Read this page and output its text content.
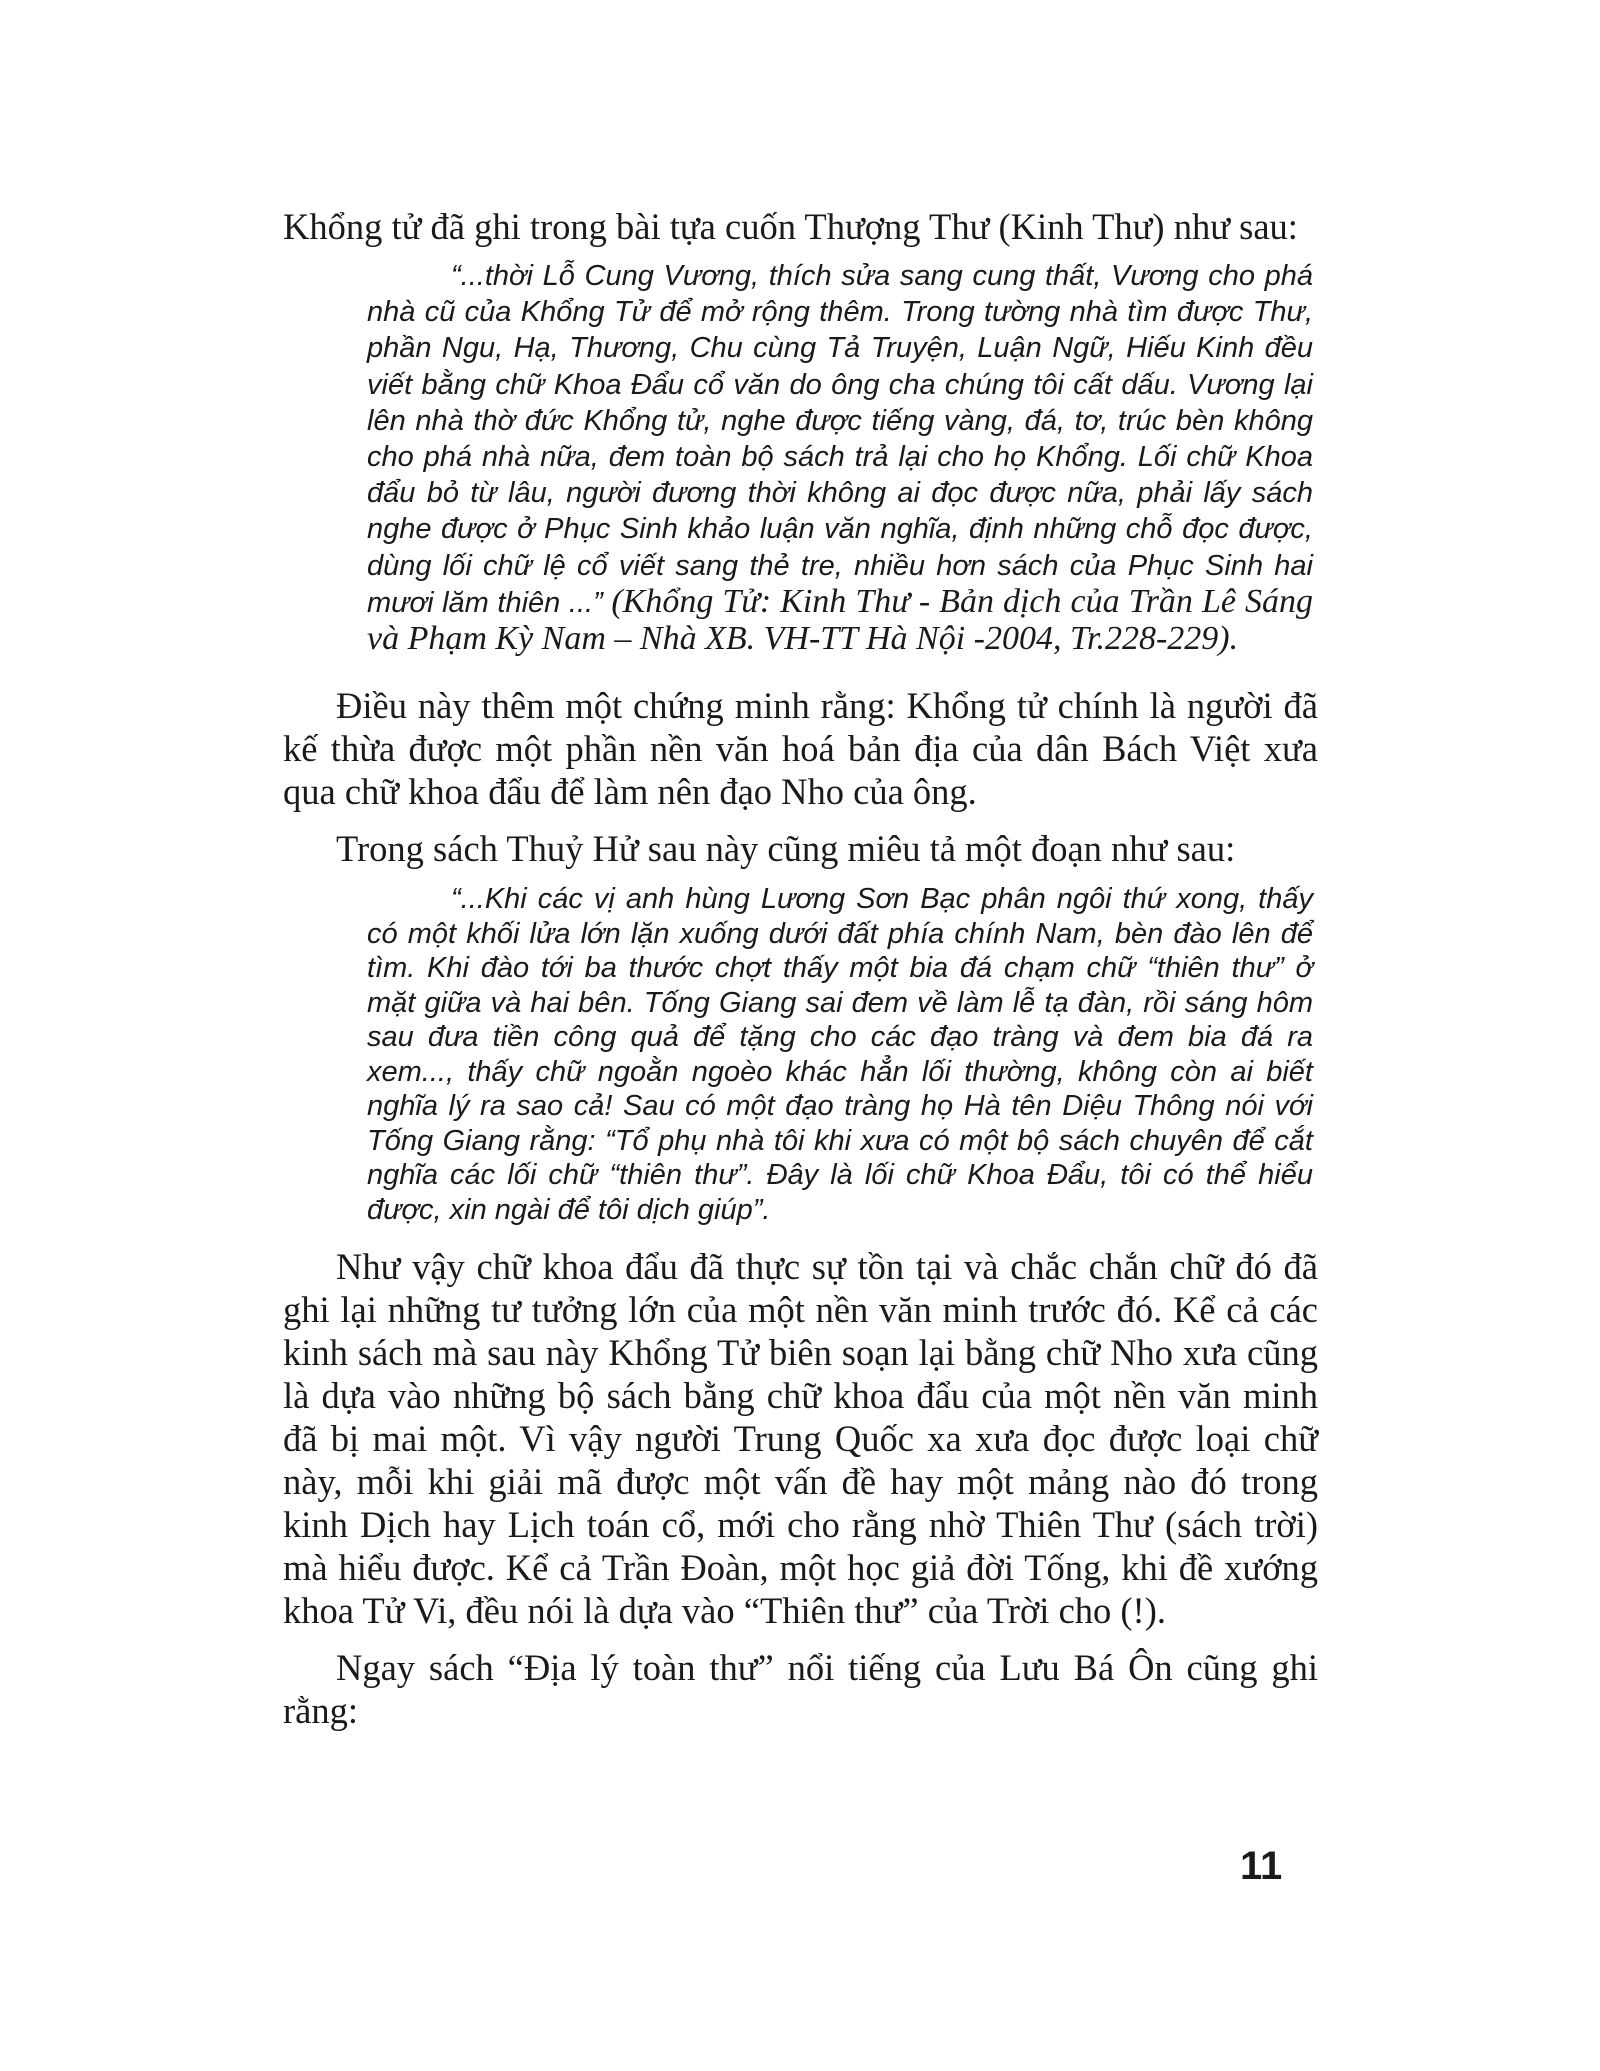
Khổng tử đã ghi trong bài tựa cuốn Thượng Thư (Kinh Thư) như sau:

“...thời Lỗ Cung Vương, thích sửa sang cung thất, Vương cho phá nhà cũ của Khổng Tử để mở rộng thêm. Trong tường nhà tìm được Thư, phần Ngu, Hạ, Thương, Chu cùng Tả Truyện, Luận Ngữ, Hiếu Kinh đều viết bằng chữ Khoa Đẩu cổ văn do ông cha chúng tôi cất dấu. Vương lại lên nhà thờ đức Khổng tử, nghe được tiếng vàng, đá, tơ, trúc bèn không cho phá nhà nữa, đem toàn bộ sách trả lại cho họ Khổng. Lối chữ Khoa đẩu bỏ từ lâu, người đương thời không ai đọc được nữa, phải lấy sách nghe được ở Phục Sinh khảo luận văn nghĩa, định những chỗ đọc được, dùng lối chữ lệ cổ viết sang thẻ tre, nhiều hơn sách của Phục Sinh hai mươi lăm thiên ...” (Khổng Tử: Kinh Thư - Bản dịch của Trần Lê Sáng và Phạm Kỳ Nam – Nhà XB. VH-TT Hà Nội -2004, Tr.228-229).

Điều này thêm một chứng minh rằng: Khổng tử chính là người đã kế thừa được một phần nền văn hoá bản địa của dân Bách Việt xưa qua chữ khoa đẩu để làm nên đạo Nho của ông.

Trong sách Thuỷ Hử sau này cũng miêu tả một đoạn như sau:

“...Khi các vị anh hùng Lương Sơn Bạc phân ngôi thứ xong, thấy có một khối lửa lớn lặn xuống dưới đất phía chính Nam, bèn đào lên để tìm. Khi đào tới ba thước chợt thấy một bia đá chạm chữ “thiên thư” ở mặt giữa và hai bên. Tống Giang sai đem về làm lễ tạ đàn, rồi sáng hôm sau đưa tiền công quả để tặng cho các đạo tràng và đem bia đá ra xem..., thấy chữ ngoằn ngoèo khác hẳn lối thường, không còn ai biết nghĩa lý ra sao cả! Sau có một đạo tràng họ Hà tên Diệu Thông nói với Tống Giang rằng: “Tổ phụ nhà tôi khi xưa có một bộ sách chuyên để cắt nghĩa các lối chữ “thiên thư”. Đây là lối chữ Khoa Đẩu, tôi có thể hiểu được, xin ngài để tôi dịch giúp”.

Như vậy chữ khoa đẩu đã thực sự tồn tại và chắc chắn chữ đó đã ghi lại những tư tưởng lớn của một nền văn minh trước đó. Kể cả các kinh sách mà sau này Khổng Tử biên soạn lại bằng chữ Nho xưa cũng là dựa vào những bộ sách bằng chữ khoa đẩu của một nền văn minh đã bị mai một. Vì vậy người Trung Quốc xa xưa đọc được loại chữ này, mỗi khi giải mã được một vấn đề hay một mảng nào đó trong kinh Dịch hay Lịch toán cổ, mới cho rằng nhờ Thiên Thư (sách trời) mà hiểu được. Kể cả Trần Đoàn, một học giả đời Tống, khi đề xướng khoa Tử Vi, đều nói là dựa vào “Thiên thư” của Trời cho (!).

Ngay sách “Địa lý toàn thư” nổi tiếng của Lưu Bá Ôn cũng ghi rằng:

11
